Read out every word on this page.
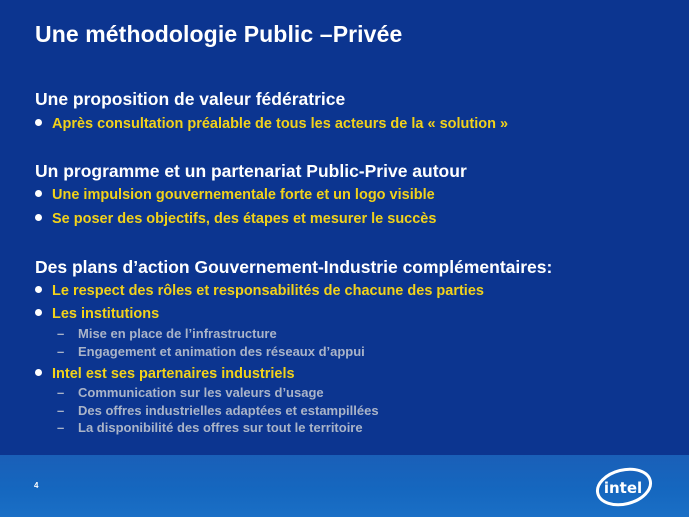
Une méthodologie Public –Privée
Une proposition de valeur fédératrice
Après consultation préalable de tous les acteurs de la « solution »
Un programme et un partenariat Public-Prive autour
Une impulsion gouvernementale forte et un logo visible
Se poser des objectifs, des étapes et mesurer le succès
Des plans d’action Gouvernement-Industrie complémentaires:
Le respect des rôles et responsabilités de chacune des parties
Les institutions
– Mise en place de l’infrastructure
– Engagement et animation des réseaux d’appui
Intel est ses partenaires industriels
– Communication sur les valeurs d’usage
– Des offres industrielles adaptées et estampillées
– La disponibilité des offres sur tout le territoire
4	intel
